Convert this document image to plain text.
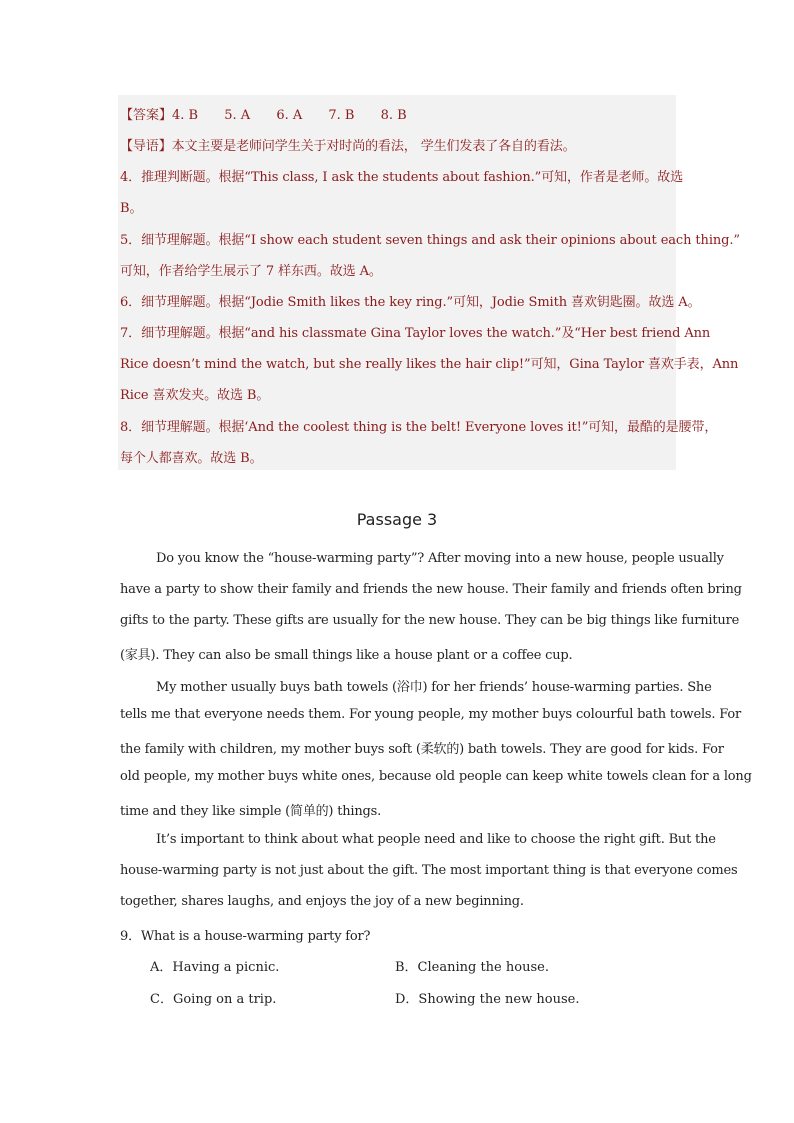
【答案】4. B 5. A 6. A 7. B 8. B
【导语】本文主要是老师问学生关于对时尚的看法， 学生们发表了各自的看法。
4．推理判断题。根据“This class, I ask the students about fashion.”可知，作者是老师。故选
B。
5．细节理解题。根据“I show each student seven things and ask their opinions about each thing.”
可知，作者给学生展示了 7 样东西。故选 A。
6．细节理解题。根据“Jodie Smith likes the key ring.”可知，Jodie Smith 喜欢钥匙圈。故选 A。
7．细节理解题。根据“and his classmate Gina Taylor loves the watch.”及“Her best friend Ann
Rice doesn’t mind the watch, but she really likes the hair clip!”可知，Gina Taylor 喜欢手表，Ann
Rice 喜欢发夹。故选 B。
8．细节理解题。根据‘And the coolest thing is the belt! Everyone loves it!”可知，最酷的是腰带，
每个人都喜欢。故选 B。
Passage 3
Do you know the “house-warming party”? After moving into a new house, people usually
have a party to show their family and friends the new house. Their family and friends often bring
gifts to the party. These gifts are usually for the new house. They can be big things like furniture
(家具). They can also be small things like a house plant or a coffee cup.
My mother usually buys bath towels (浴巾) for her friends’ house-warming parties. She
tells me that everyone needs them. For young people, my mother buys colourful bath towels. For
the family with children, my mother buys soft (柔软的) bath towels. They are good for kids. For
old people, my mother buys white ones, because old people can keep white towels clean for a long
time and they like simple (简单的) things.
It’s important to think about what people need and like to choose the right gift. But the
house-warming party is not just about the gift. The most important thing is that everyone comes
together, shares laughs, and enjoys the joy of a new beginning.
9．What is a house-warming party for?
A．Having a picnic.	B．Cleaning the house.
C．Going on a trip.	D．Showing the new house.
